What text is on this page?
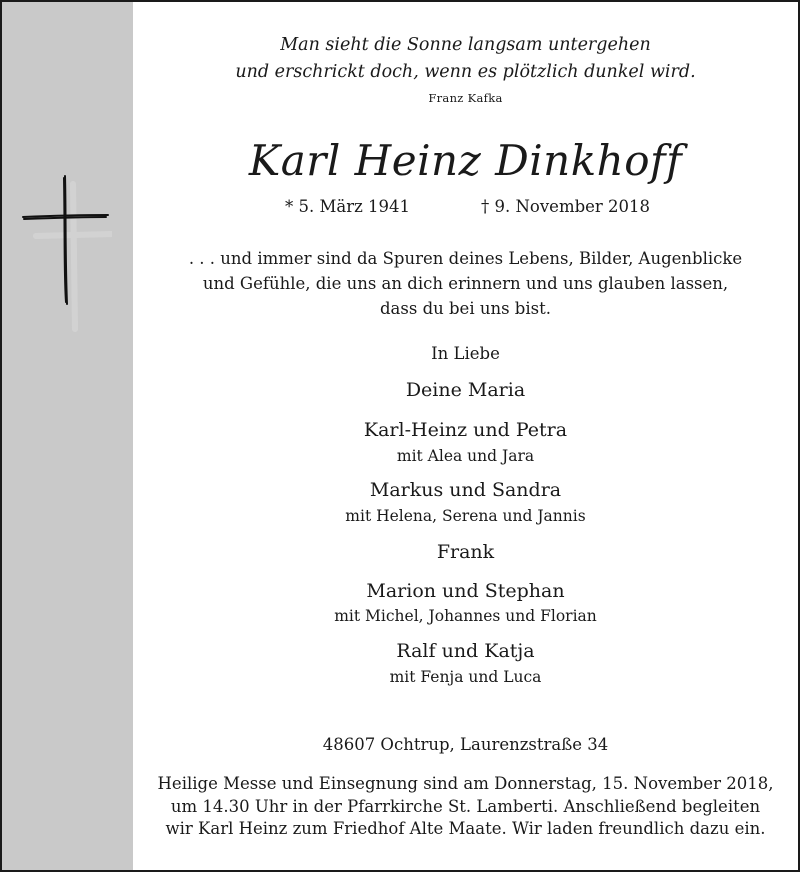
Man sieht die Sonne langsam untergehen
und erschrickt doch, wenn es plötzlich dunkel wird.
Franz Kafka
Karl Heinz Dinkhoff
* 5. März 1941	† 9. November 2018
. . . und immer sind da Spuren deines Lebens, Bilder, Augenblicke
und Gefühle, die uns an dich erinnern und uns glauben lassen,
dass du bei uns bist.
In Liebe
Deine Maria
Karl-Heinz und Petra
mit Alea und Jara
Markus und Sandra
mit Helena, Serena und Jannis
Frank
Marion und Stephan
mit Michel, Johannes und Florian
Ralf und Katja
mit Fenja und Luca
48607 Ochtrup, Laurenzstraße 34
Heilige Messe und Einsegnung sind am Donnerstag, 15. November 2018,
um 14.30 Uhr in der Pfarrkirche St. Lamberti. Anschließend begleiten
wir Karl Heinz zum Friedhof Alte Maate. Wir laden freundlich dazu ein.
